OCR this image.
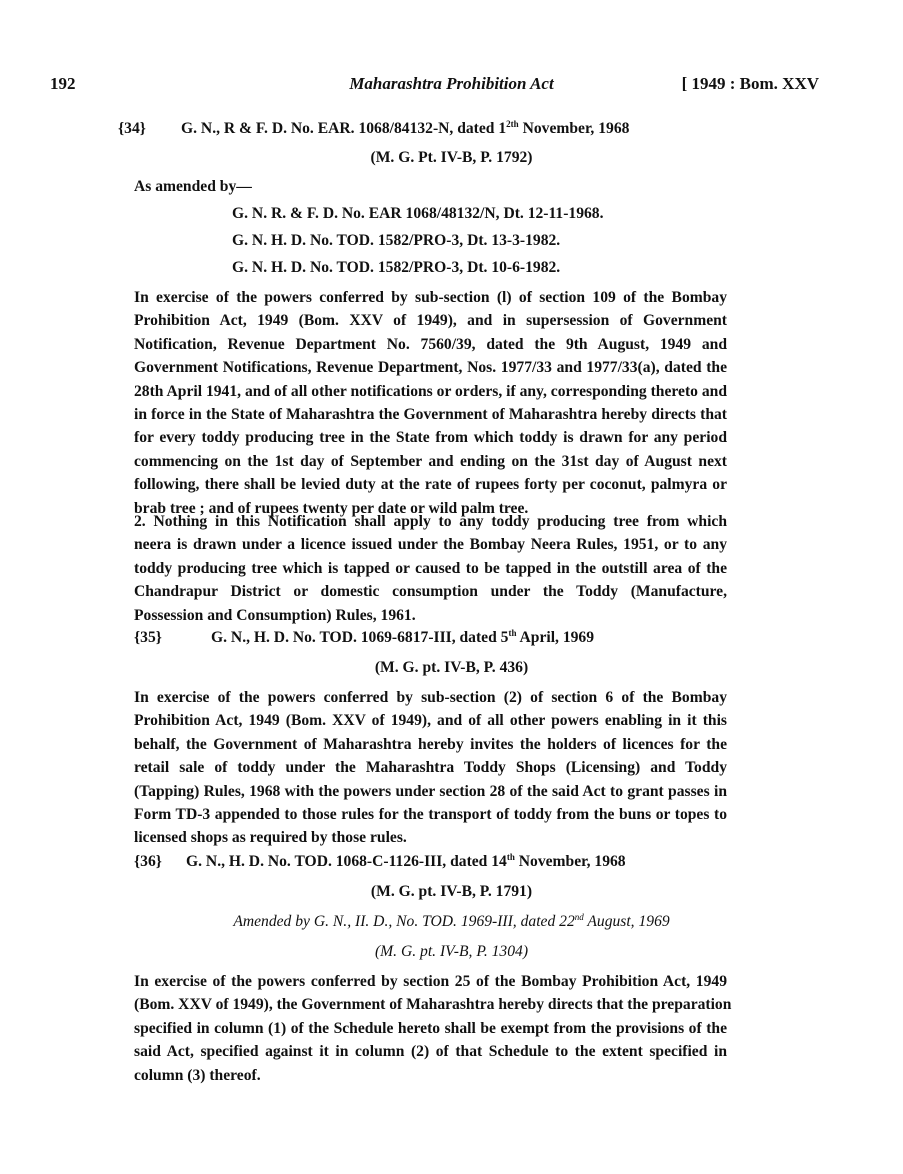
192	Maharashtra Prohibition Act	[ 1949 : Bom. XXV
{34} G. N., R & F. D. No. EAR. 1068/84132-N, dated $1^{2th}$ November, 1968
(M. G. Pt. IV-B, P. 1792)
As amended by—
G. N. R. & F. D. No. EAR 1068/48132/N, Dt. 12-11-1968.
G. N. H. D. No. TOD. 1582/PRO-3, Dt. 13-3-1982.
G. N. H. D. No. TOD. 1582/PRO-3, Dt. 10-6-1982.
In exercise of the powers conferred by sub-section (l) of section 109 of the Bombay
Prohibition Act, 1949 (Bom. XXV of 1949), and in supersession of Government
Notification, Revenue Department No. 7560/39, dated the 9th August, 1949 and
Government Notifications, Revenue Department, Nos. 1977/33 and 1977/33(a), dated the
28th April 1941, and of all other notifications or orders, if any, corresponding thereto and
in force in the State of Maharashtra the Government of Maharashtra hereby directs that
for every toddy producing tree in the State from which toddy is drawn for any period
commencing on the 1st day of September and ending on the 31st day of August next
following, there shall be levied duty at the rate of rupees forty per coconut, palmyra or
brab tree ; and of rupees twenty per date or wild palm tree.
2. Nothing in this Notification shall apply to any toddy producing tree from which
neera is drawn under a licence issued under the Bombay Neera Rules, 1951, or to any
toddy producing tree which is tapped or caused to be tapped in the outstill area of the
Chandrapur District or domestic consumption under the Toddy (Manufacture,
Possession and Consumption) Rules, 1961.
{35}	G. N., H. D. No. TOD. 1069-6817-III, dated 5th April, 1969
(M. G. pt. IV-B, P. 436)
In exercise of the powers conferred by sub-section (2) of section 6 of the Bombay
Prohibition Act, 1949 (Bom. XXV of 1949), and of all other powers enabling in it this
behalf, the Government of Maharashtra hereby invites the holders of licences for the
retail sale of toddy under the Maharashtra Toddy Shops (Licensing) and Toddy
(Tapping) Rules, 1968 with the powers under section 28 of the said Act to grant passes in
Form TD-3 appended to those rules for the transport of toddy from the buns or topes to
licensed shops as required by those rules.
{36} G. N., H. D. No. TOD. 1068-C-1126-III, dated 14th November, 1968
(M. G. pt. IV-B, P. 1791)
Amended by G. N., II. D., No. TOD. 1969-III, dated 22nd August, 1969
(M. G. pt. IV-B, P. 1304)
In exercise of the powers conferred by section 25 of the Bombay Prohibition Act, 1949
(Bom. XXV of 1949), the Government of Maharashtra hereby directs that the preparation
specified in column (1) of the Schedule hereto shall be exempt from the provisions of the
said Act, specified against it in column (2) of that Schedule to the extent specified in
column (3) thereof.
